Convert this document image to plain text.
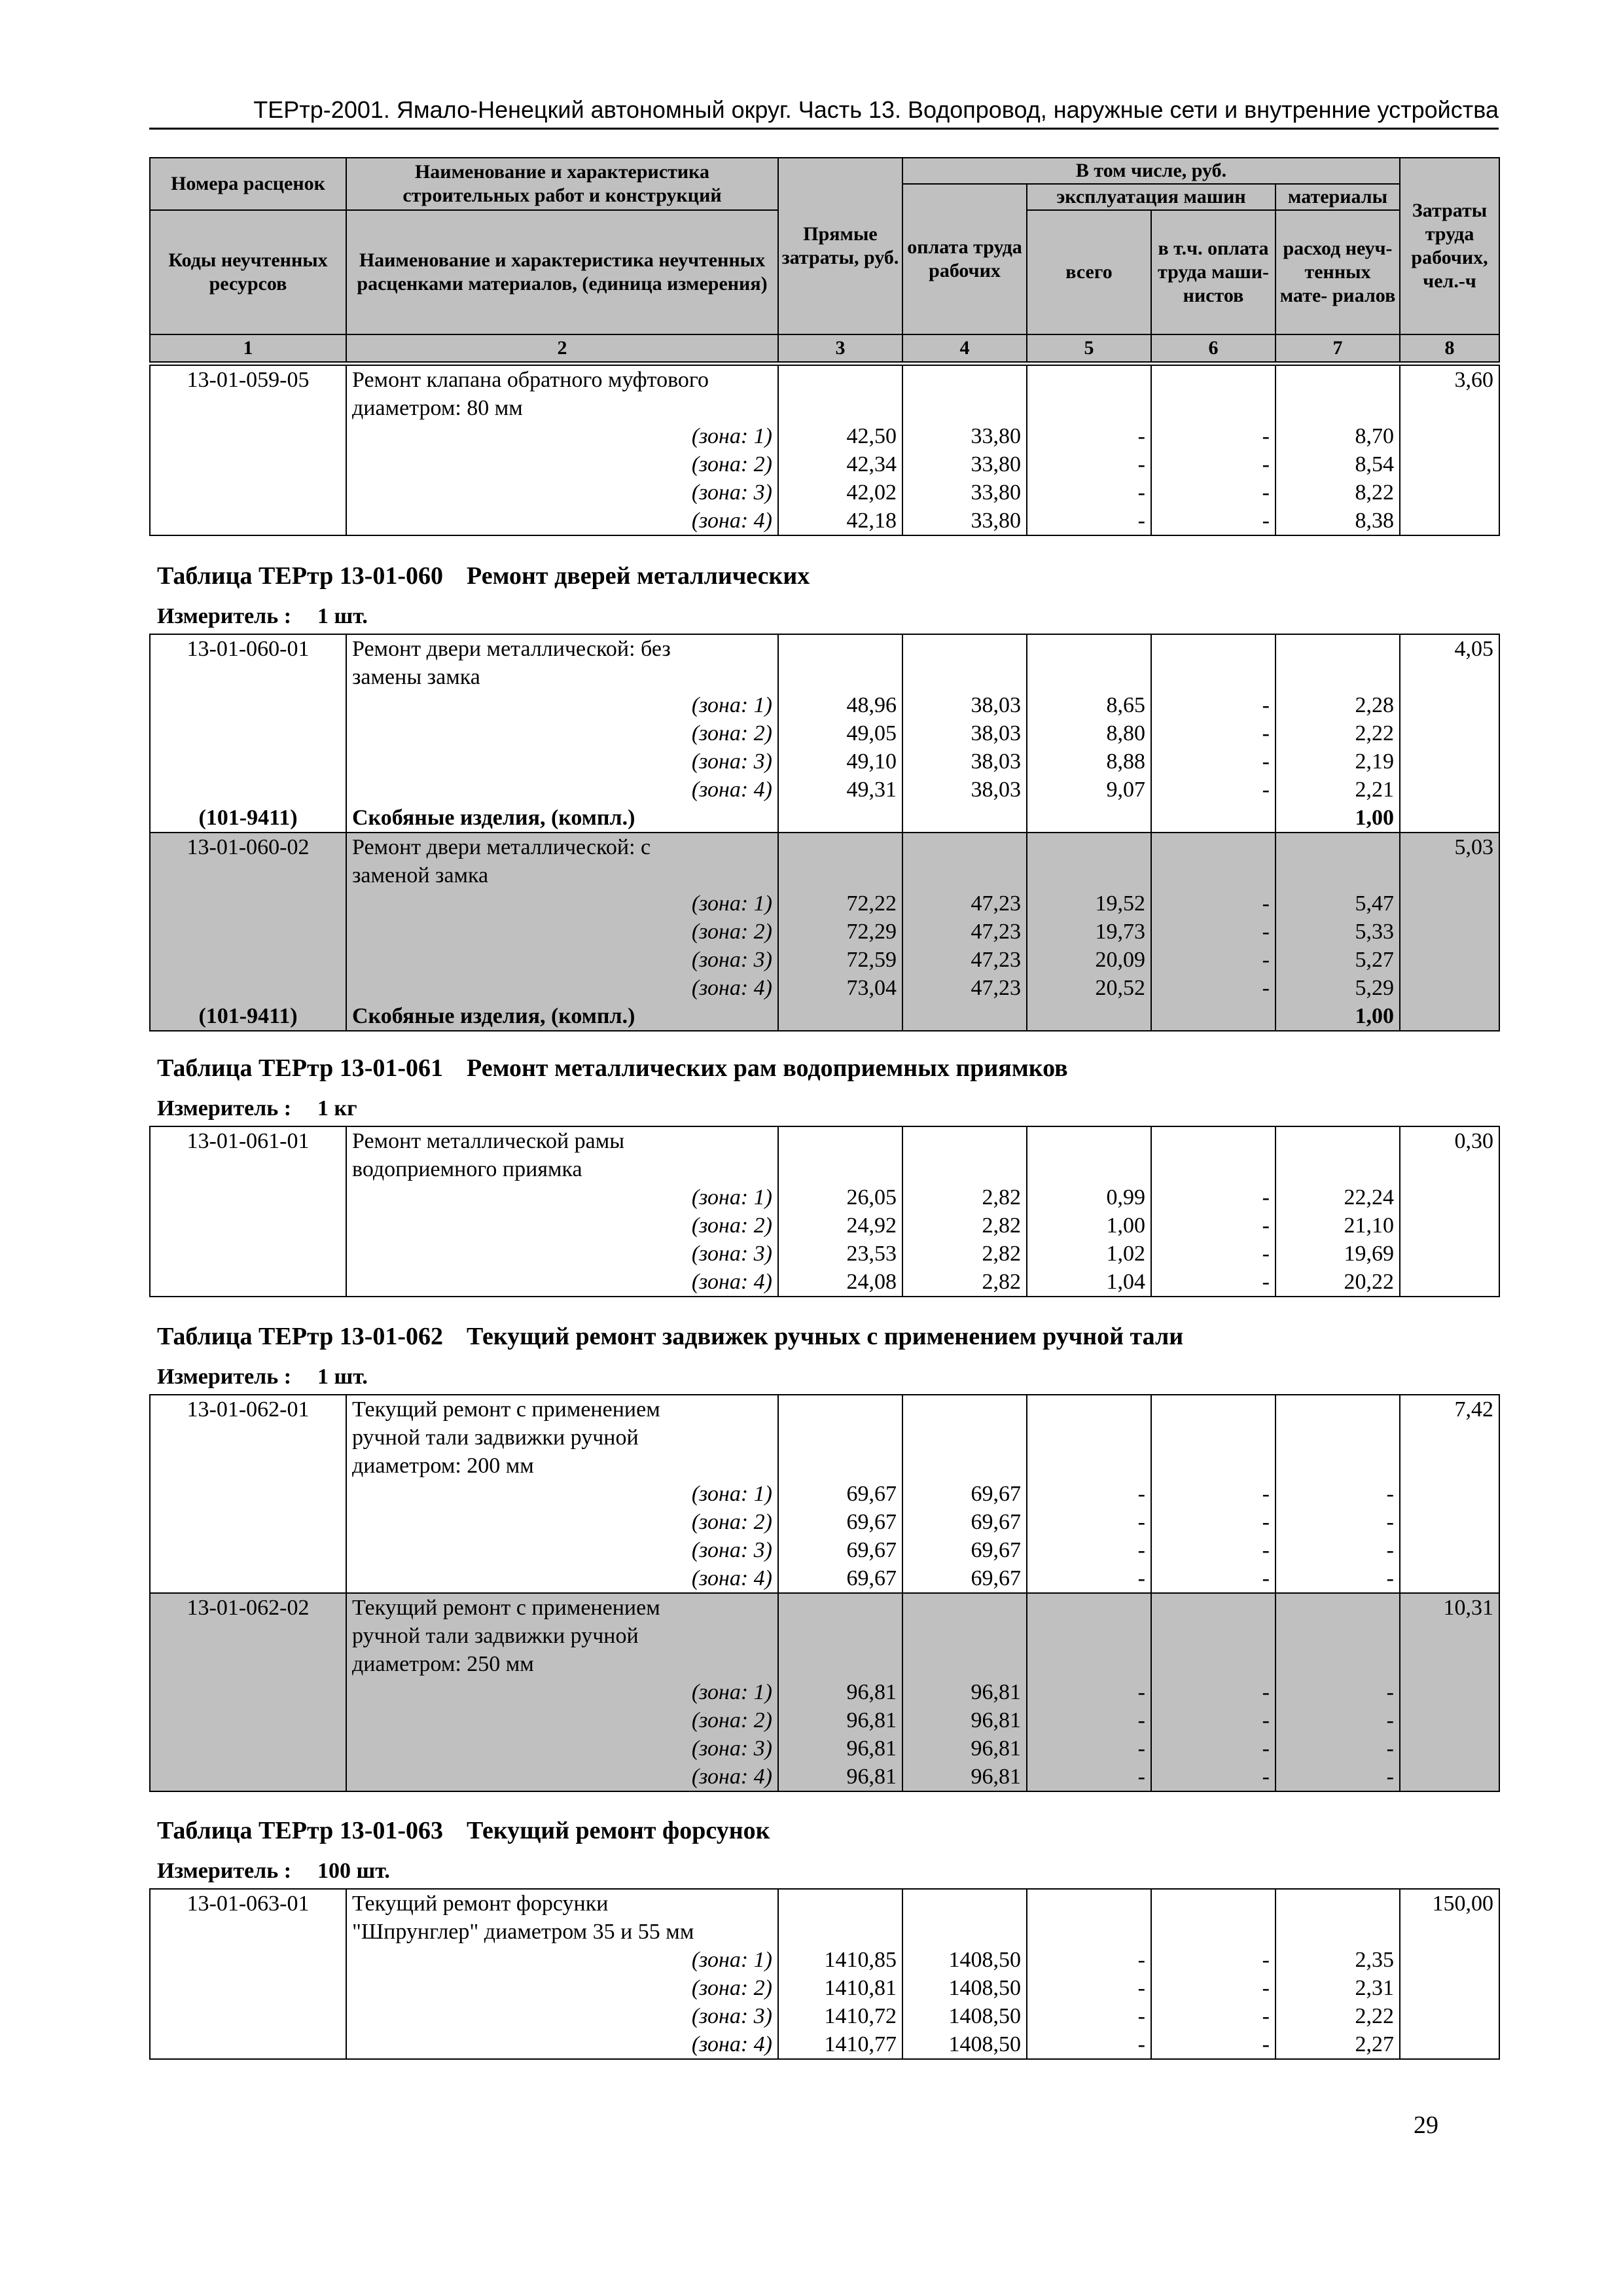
ТЕРтр-2001. Ямало-Ненецкий автономный округ. Часть 13. Водопровод, наружные сети и внутренние устройства
Номера расценок	Наименование и характеристика строительных работ и конструкций	Прямые затраты, руб.	В том числе, руб.				Затраты труда рабочих, чел.-ч
			оплата труда рабочих	эксплуатация машин		материалы	
Коды неучтенных ресурсов	Наименование и характеристика неучтенных расценками материалов, (единица измерения)			всего	в т.ч. оплата труда маши- нистов	расход неуч- тенных мате- риалов	

1	2	3	4	5	6	7	8
13-01-059-05	Ремонт клапана обратного муфтового						3,60
	диаметром: 80 мм						
	(зона: 1)	42,50	33,80	-	-	8,70	
	(зона: 2)	42,34	33,80	-	-	8,54	
	(зона: 3)	42,02	33,80	-	-	8,22	
	(зона: 4)	42,18	33,80	-	-	8,38	
Таблица ТЕРтр 13-01-060 Ремонт дверей металлических
Измеритель : 1 шт.
13-01-060-01	Ремонт двери металлической: без						4,05
	замены замка						
	(зона: 1)	48,96	38,03	8,65	-	2,28	
	(зона: 2)	49,05	38,03	8,80	-	2,22	
	(зона: 3)	49,10	38,03	8,88	-	2,19	
	(зона: 4)	49,31	38,03	9,07	-	2,21	
(101-9411)	Скобяные изделия, (компл.)					1,00	
13-01-060-02	Ремонт двери металлической: с						5,03
	заменой замка						
	(зона: 1)	72,22	47,23	19,52	-	5,47	
	(зона: 2)	72,29	47,23	19,73	-	5,33	
	(зона: 3)	72,59	47,23	20,09	-	5,27	
	(зона: 4)	73,04	47,23	20,52	-	5,29	
(101-9411)	Скобяные изделия, (компл.)					1,00	
Таблица ТЕРтр 13-01-061 Ремонт металлических рам водоприемных приямков
Измеритель : 1 кг
13-01-061-01	Ремонт металлической рамы						0,30
	водоприемного приямка						
	(зона: 1)	26,05	2,82	0,99	-	22,24	
	(зона: 2)	24,92	2,82	1,00	-	21,10	
	(зона: 3)	23,53	2,82	1,02	-	19,69	
	(зона: 4)	24,08	2,82	1,04	-	20,22	
Таблица ТЕРтр 13-01-062 Текущий ремонт задвижек ручных с применением ручной тали
Измеритель : 1 шт.
13-01-062-01	Текущий ремонт с применением						7,42
	ручной тали задвижки ручной						
	диаметром: 200 мм						
	(зона: 1)	69,67	69,67	-	-	-	
	(зона: 2)	69,67	69,67	-	-	-	
	(зона: 3)	69,67	69,67	-	-	-	
	(зона: 4)	69,67	69,67	-	-	-	
13-01-062-02	Текущий ремонт с применением						10,31
	ручной тали задвижки ручной						
	диаметром: 250 мм						
	(зона: 1)	96,81	96,81	-	-	-	
	(зона: 2)	96,81	96,81	-	-	-	
	(зона: 3)	96,81	96,81	-	-	-	
	(зона: 4)	96,81	96,81	-	-	-	
Таблица ТЕРтр 13-01-063 Текущий ремонт форсунок
Измеритель : 100 шт.
13-01-063-01	Текущий ремонт форсунки						150,00
	"Шпрунглер" диаметром 35 и 55 мм						
	(зона: 1)	1410,85	1408,50	-	-	2,35	
	(зона: 2)	1410,81	1408,50	-	-	2,31	
	(зона: 3)	1410,72	1408,50	-	-	2,22	
	(зона: 4)	1410,77	1408,50	-	-	2,27	
29
